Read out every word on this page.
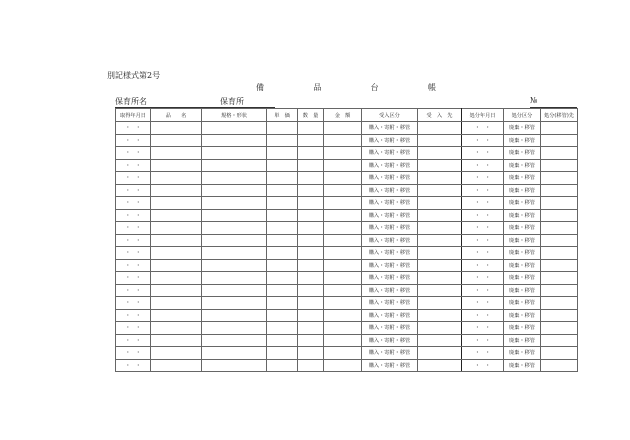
別記様式第2号
備	品	台	帳
保育所名	保育所	№
取得年月日	品　　名	規格・形状	単　価	数　量	金　額	受入区分	受　入　先	処分年月日	処分区分	処分(移管)先
・　・						購入・寄附・移管		・　・	廃棄・移管	
・　・						購入・寄附・移管		・　・	廃棄・移管	
・　・						購入・寄附・移管		・　・	廃棄・移管	
・　・						購入・寄附・移管		・　・	廃棄・移管	
・　・						購入・寄附・移管		・　・	廃棄・移管	
・　・						購入・寄附・移管		・　・	廃棄・移管	
・　・						購入・寄附・移管		・　・	廃棄・移管	
・　・						購入・寄附・移管		・　・	廃棄・移管	
・　・						購入・寄附・移管		・　・	廃棄・移管	
・　・						購入・寄附・移管		・　・	廃棄・移管	
・　・						購入・寄附・移管		・　・	廃棄・移管	
・　・						購入・寄附・移管		・　・	廃棄・移管	
・　・						購入・寄附・移管		・　・	廃棄・移管	
・　・						購入・寄附・移管		・　・	廃棄・移管	
・　・						購入・寄附・移管		・　・	廃棄・移管	
・　・						購入・寄附・移管		・　・	廃棄・移管	
・　・						購入・寄附・移管		・　・	廃棄・移管	
・　・						購入・寄附・移管		・　・	廃棄・移管	
・　・						購入・寄附・移管		・　・	廃棄・移管	
・　・						購入・寄附・移管		・　・	廃棄・移管	
